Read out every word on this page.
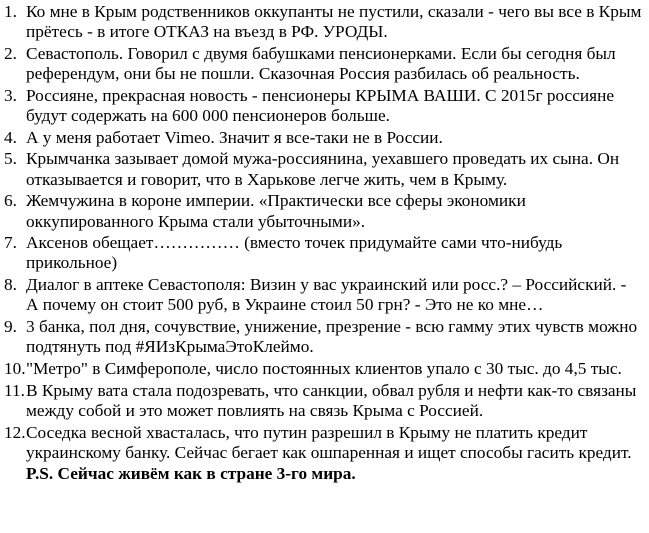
1. Ко мне в Крым родственников оккупанты не пустили, сказали - чего вы все в Крым прётесь - в итоге ОТКАЗ на въезд в РФ. УРОДЫ.
2. Севастополь. Говорил с двумя бабушками пенсионерками. Если бы сегодня был референдум, они бы не пошли. Сказочная Россия разбилась об реальность.
3. Россияне, прекрасная новость - пенсионеры КРЫМА ВАШИ. С 2015г россияне будут содержать на 600 000 пенсионеров больше.
4. А у меня работает Vimeo. Значит я все-таки не в России.
5. Крымчанка зазывает домой мужа-россиянина, уехавшего проведать их сына. Он отказывается и говорит, что в Харькове легче жить, чем в Крыму.
6. Жемчужина в короне империи. «Практически все сферы экономики оккупированного Крыма стали убыточными».
7. Аксенов обещает…………… (вместо точек придумайте сами что-нибудь прикольное)
8. Диалог в аптеке Севастополя: Визин у вас украинский или росс.? – Российский. - А почему он стоит 500 руб, в Украине стоил 50 грн? - Это не ко мне…
9. 3 банка, пол дня, сочувствие, унижение, презрение - всю гамму этих чувств можно подтянуть под #ЯИзКрымаЭтоКлеймо.
10. "Метро" в Симферополе, число постоянных клиентов упало с 30 тыс. до 4,5 тыс.
11. В Крыму вата стала подозревать, что санкции, обвал рубля и нефти как-то связаны между собой и это может повлиять на связь Крыма с Россией.
12. Соседка весной хвасталась, что путин разрешил в Крыму не платить кредит украинскому банку. Сейчас бегает как ошпаренная и ищет способы гасить кредит.
P.S. Сейчас живём как в стране 3-го мира.
